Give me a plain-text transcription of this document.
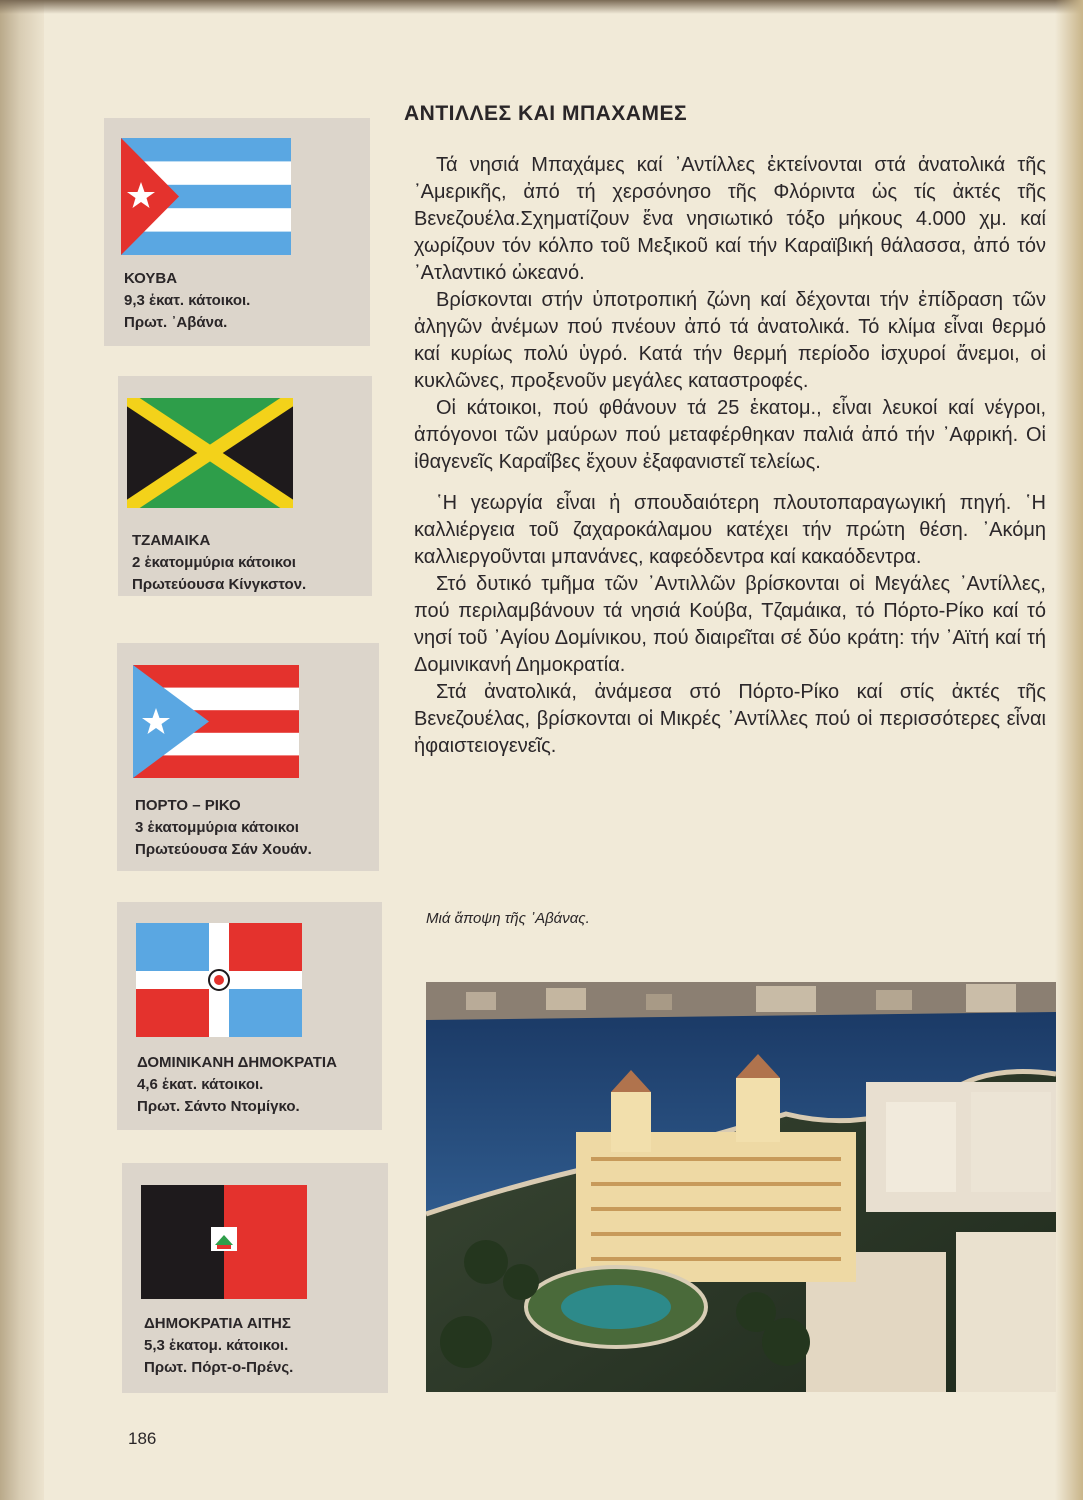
ΚΟΥΒΑ
9,3 ἑκατ. κάτοικοι.
Πρωτ. ᾽Αβάνα.
ΤΖΑΜΑΙΚΑ
2 ἑκατομμύρια κάτοικοι
Πρωτεύουσα Κίνγκστον.
ΠΟΡΤΟ – ΡΙΚΟ
3 ἑκατομμύρια κάτοικοι
Πρωτεύουσα Σάν Χουάν.
ΔΟΜΙΝΙΚΑΝΗ ΔΗΜΟΚΡΑΤΙΑ
4,6 ἑκατ. κάτοικοι.
Πρωτ. Σάντο Ντομίγκο.
ΔΗΜΟΚΡΑΤΙΑ ΑΙΤΗΣ
5,3 ἑκατομ. κάτοικοι.
Πρωτ. Πόρτ-ο-Πρένς.
ΑΝΤΙΛΛΕΣ ΚΑΙ ΜΠΑΧΑΜΕΣ

Τά νησιά Μπαχάμες καί ᾽Αντίλλες ἐκτείνονται στά ἀνατολικά τῆς ᾽Αμερικῆς, ἀπό τή χερσόνησο τῆς Φλόριντα ὡς τίς ἀκτές τῆς Βενεζουέλα.Σχηματίζουν ἕνα νησιωτικό τόξο μήκους 4.000 χμ. καί χωρίζουν τόν κόλπο τοῦ Μεξικοῦ καί τήν Καραϊβική θάλασσα, ἀπό τόν ᾽Ατλαντικό ὠκεανό.

Βρίσκονται στήν ὑποτροπική ζώνη καί δέχονται τήν ἐπίδραση τῶν ἀληγῶν ἀνέμων πού πνέουν ἀπό τά ἀνατολικά. Τό κλίμα εἶναι θερμό καί κυρίως πολύ ὑγρό. Κατά τήν θερμή περίοδο ἰσχυροί ἄνεμοι, οἱ κυκλῶνες, προξενοῦν μεγάλες καταστροφές.

Οἱ κάτοικοι, πού φθάνουν τά 25 ἑκατομ., εἶναι λευκοί καί νέγροι, ἀπόγονοι τῶν μαύρων πού μεταφέρθηκαν παλιά ἀπό τήν ᾽Αφρική. Οἱ ἰθαγενεῖς Καραΐβες ἔχουν ἐξαφανιστεῖ τελείως.

῾Η γεωργία εἶναι ἡ σπουδαιότερη πλουτοπαραγωγική πηγή. ῾Η καλλιέργεια τοῦ ζαχαροκάλαμου κατέχει τήν πρώτη θέση. ᾽Ακόμη καλλιεργοῦνται μπανάνες, καφεόδεντρα καί κακαόδεντρα.

Στό δυτικό τμῆμα τῶν ᾽Αντιλλῶν βρίσκονται οἱ Μεγάλες ᾽Αντίλλες, πού περιλαμβάνουν τά νησιά Κούβα, Τζαμάικα, τό Πόρτο-Ρίκο καί τό νησί τοῦ ᾽Αγίου Δομίνικου, πού διαιρεῖται σέ δύο κράτη: τήν ᾽Αϊτή καί τή Δομινικανή Δημοκρατία.

Στά ἀνατολικά, ἀνάμεσα στό Πόρτο-Ρίκο καί στίς ἀκτές τῆς Βενεζουέλας, βρίσκονται οἱ Μικρές ᾽Αντίλλες πού οἱ περισσότερες εἶναι ἡφαιστειογενεῖς.

Μιά ἄποψη τῆς ᾽Αβάνας.
186
